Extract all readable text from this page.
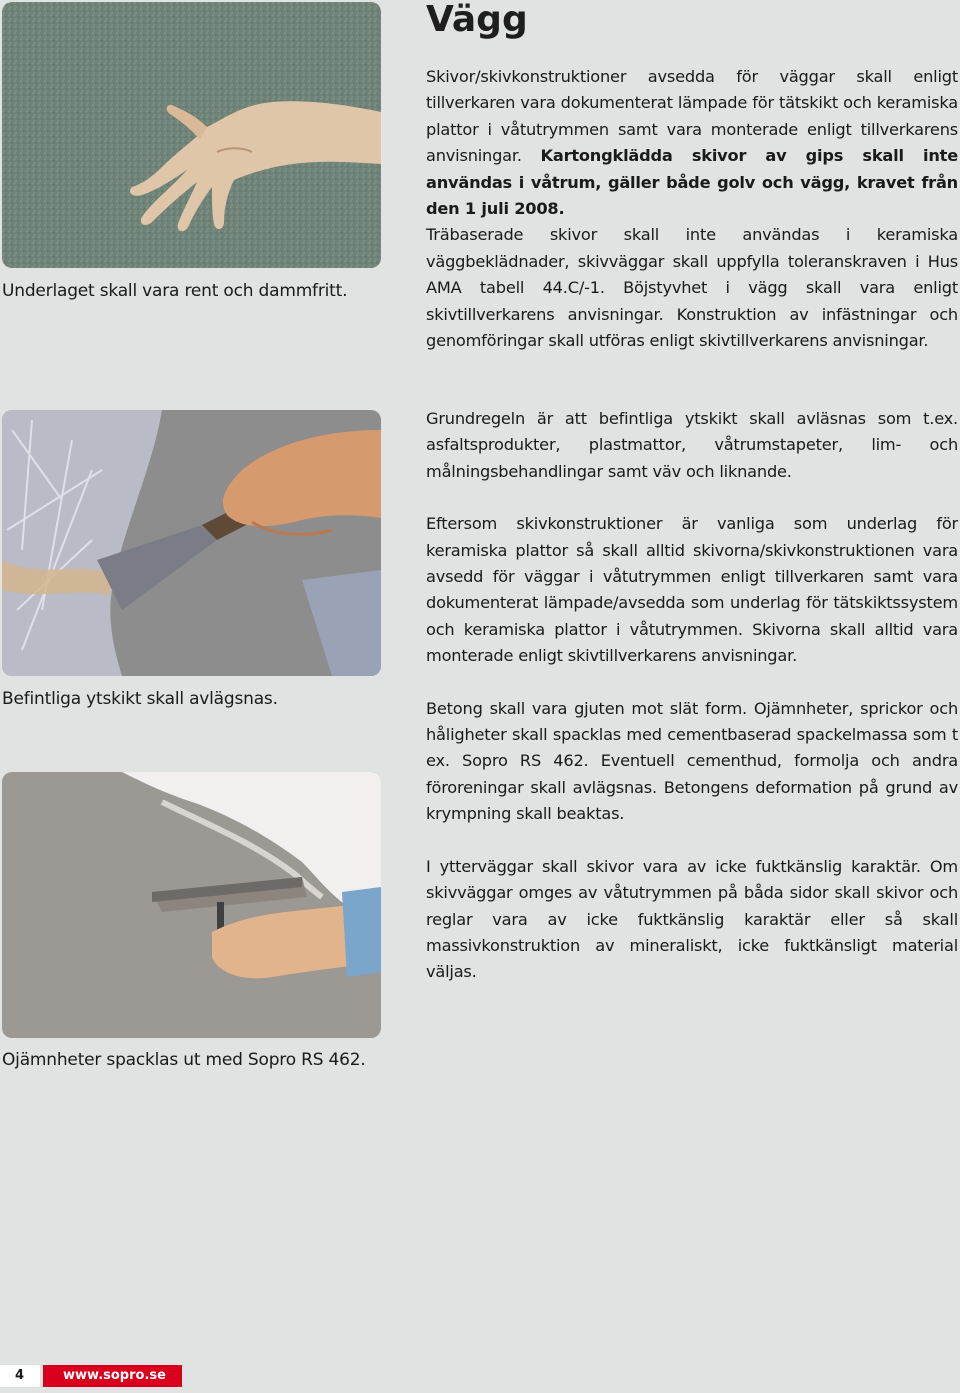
Underlaget skall vara rent och dammfritt.
Befintliga ytskikt skall avlägsnas.
Ojämnheter spacklas ut med Sopro RS 462.
Vägg

Skivor/skivkonstruktioner avsedda för väggar skall enligt tillverkaren vara dokumenterat lämpade för tätskikt och keramiska plattor i våtutrymmen samt vara monterade enligt tillverkarens anvisningar. Kartongklädda skivor av gips skall inte användas i våtrum, gäller både golv och vägg, kravet från den 1 juli 2008.
Träbaserade skivor skall inte användas i keramiska väggbeklädnader, skivväggar skall uppfylla toleranskraven i Hus AMA tabell 44.C/-1. Böjstyvhet i vägg skall vara enligt skivtillverkarens anvisningar. Konstruktion av infästningar och genomföringar skall utföras enligt skivtillverkarens anvisningar.

Grundregeln är att befintliga ytskikt skall avläsnas som t.ex. asfaltsprodukter, plastmattor, våtrumstapeter, lim- och målningsbehandlingar samt väv och liknande.

Eftersom skivkonstruktioner är vanliga som underlag för keramiska plattor så skall alltid skivorna/skivkonstruktionen vara avsedd för väggar i våtutrymmen enligt tillverkaren samt vara dokumenterat lämpade/avsedda som underlag för tätskiktssystem och keramiska plattor i våtutrymmen. Skivorna skall alltid vara monterade enligt skivtillverkarens anvisningar.

Betong skall vara gjuten mot slät form. Ojämnheter, sprickor och håligheter skall spacklas med cementbaserad spackelmassa som t ex. Sopro RS 462. Eventuell cementhud, formolja och andra föroreningar skall avlägsnas. Betongens deformation på grund av krympning skall beaktas.

I ytterväggar skall skivor vara av icke fuktkänslig karaktär. Om skivväggar omges av våtutrymmen på båda sidor skall skivor och reglar vara av icke fuktkänslig karaktär eller så skall massivkonstruktion av mineraliskt, icke fuktkänsligt material väljas.

4	www.sopro.se
